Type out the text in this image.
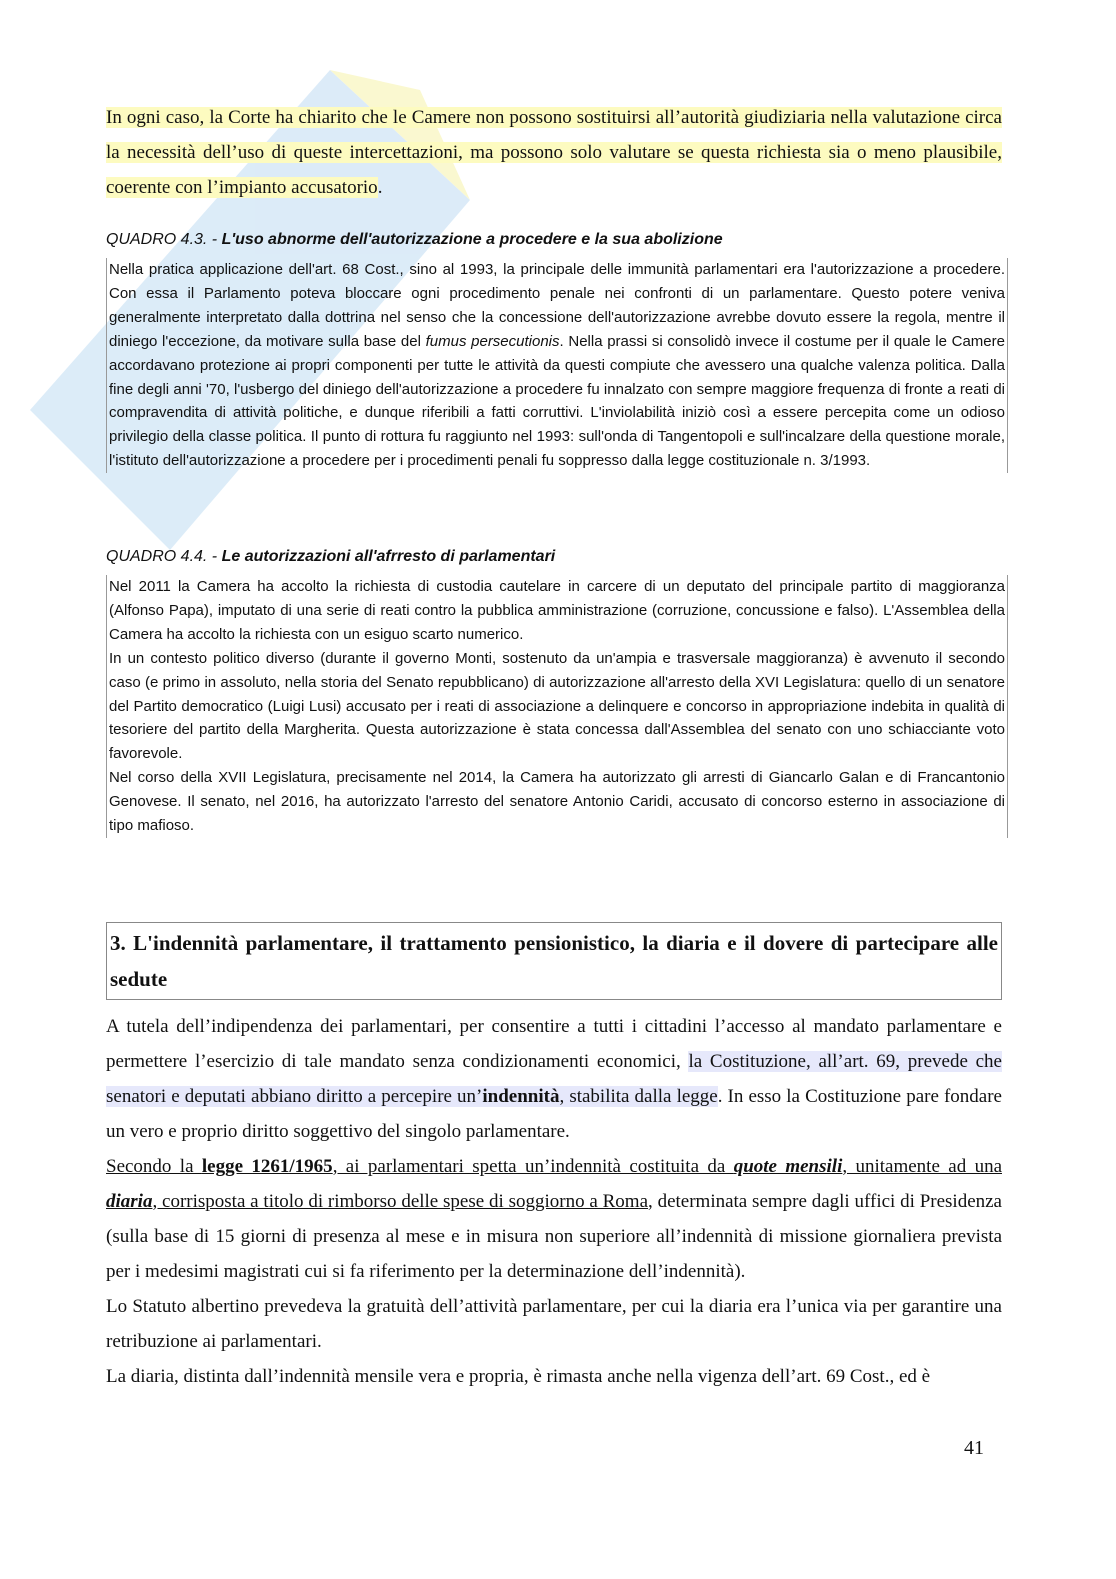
In ogni caso, la Corte ha chiarito che le Camere non possono sostituirsi all’autorità giudiziaria nella valutazione circa la necessità dell’uso di queste intercettazioni, ma possono solo valutare se questa richiesta sia o meno plausibile, coerente con l’impianto accusatorio.
QUADRO 4.3. - L'uso abnorme dell'autorizzazione a procedere e la sua abolizione

Nella pratica applicazione dell'art. 68 Cost., sino al 1993, la principale delle immunità parlamentari era l'autorizzazione a procedere. Con essa il Parlamento poteva bloccare ogni procedimento penale nei confronti di un parlamentare. Questo potere veniva generalmente interpretato dalla dottrina nel senso che la concessione dell'autorizzazione avrebbe dovuto essere la regola, mentre il diniego l'eccezione, da motivare sulla base del fumus persecutionis. Nella prassi si consolidò invece il costume per il quale le Camere accordavano protezione ai propri componenti per tutte le attività da questi compiute che avessero una qualche valenza politica. Dalla fine degli anni '70, l'usbergo del diniego dell'autorizzazione a procedere fu innalzato con sempre maggiore frequenza di fronte a reati di compravendita di attività politiche, e dunque riferibili a fatti corruttivi. L'inviolabilità iniziò così a essere percepita come un odioso privilegio della classe politica. Il punto di rottura fu raggiunto nel 1993: sull'onda di Tangentopoli e sull'incalzare della questione morale, l'istituto dell'autorizzazione a procedere per i procedimenti penali fu soppresso dalla legge costituzionale n. 3/1993.

QUADRO 4.4. - Le autorizzazioni all'afrresto di parlamentari

Nel 2011 la Camera ha accolto la richiesta di custodia cautelare in carcere di un deputato del principale partito di maggioranza (Alfonso Papa), imputato di una serie di reati contro la pubblica amministrazione (corruzione, concussione e falso). L'Assemblea della Camera ha accolto la richiesta con un esiguo scarto numerico.

In un contesto politico diverso (durante il governo Monti, sostenuto da un'ampia e trasversale maggioranza) è avvenuto il secondo caso (e primo in assoluto, nella storia del Senato repubblicano) di autorizzazione all'arresto della XVI Legislatura: quello di un senatore del Partito democratico (Luigi Lusi) accusato per i reati di associazione a delinquere e concorso in appropriazione indebita in qualità di tesoriere del partito della Margherita. Questa autorizzazione è stata concessa dall'Assemblea del senato con uno schiacciante voto favorevole.

Nel corso della XVII Legislatura, precisamente nel 2014, la Camera ha autorizzato gli arresti di Giancarlo Galan e di Francantonio Genovese. Il senato, nel 2016, ha autorizzato l'arresto del senatore Antonio Caridi, accusato di concorso esterno in associazione di tipo mafioso.

3. L'indennità parlamentare, il trattamento pensionistico, la diaria e il dovere di partecipare alle sedute
A tutela dell’indipendenza dei parlamentari, per consentire a tutti i cittadini l’accesso al mandato parlamentare e permettere l’esercizio di tale mandato senza condizionamenti economici, la Costituzione, all’art. 69, prevede che senatori e deputati abbiano diritto a percepire un’indennità, stabilita dalla legge. In esso la Costituzione pare fondare un vero e proprio diritto soggettivo del singolo parlamentare.
Secondo la legge 1261/1965, ai parlamentari spetta un’indennità costituita da quote mensili, unitamente ad una diaria, corrisposta a titolo di rimborso delle spese di soggiorno a Roma, determinata sempre dagli uffici di Presidenza (sulla base di 15 giorni di presenza al mese e in misura non superiore all’indennità di missione giornaliera prevista per i medesimi magistrati cui si fa riferimento per la determinazione dell’indennità).
Lo Statuto albertino prevedeva la gratuità dell’attività parlamentare, per cui la diaria era l’unica via per garantire una retribuzione ai parlamentari.
La diaria, distinta dall’indennità mensile vera e propria, è rimasta anche nella vigenza dell’art. 69 Cost., ed è
41
